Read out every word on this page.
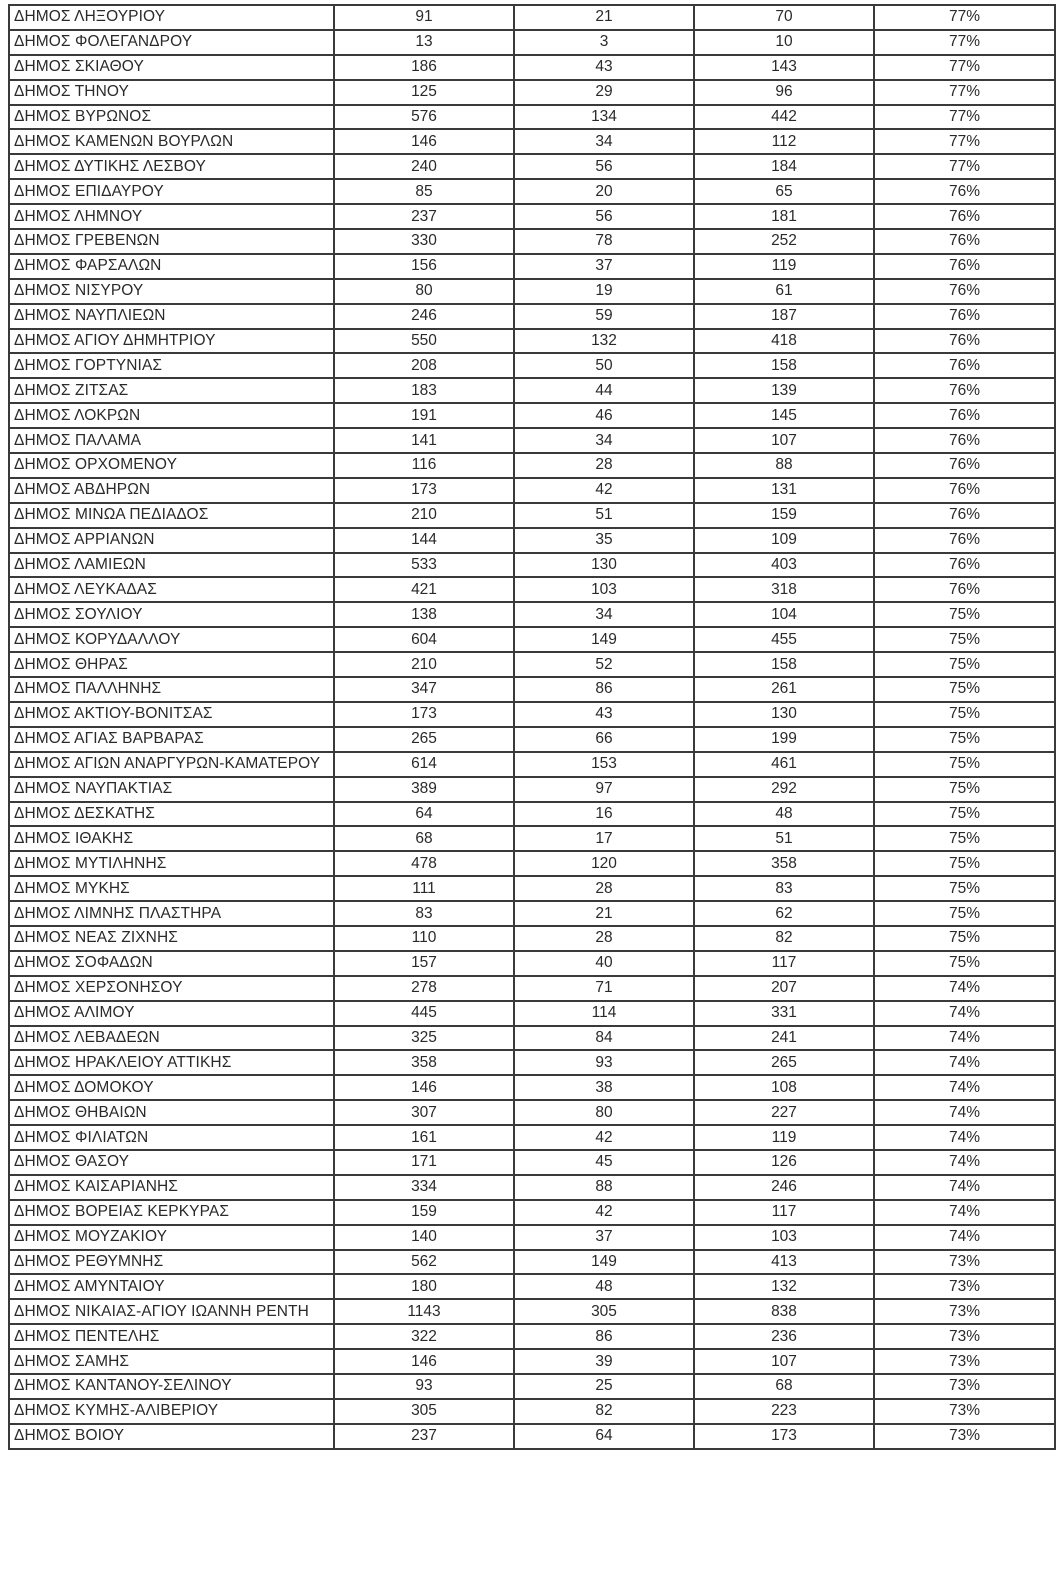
ΔΗΜΟΣ ΛΗΞΟΥΡΙΟΥ	91	21	70	77%
ΔΗΜΟΣ ΦΟΛΕΓΑΝΔΡΟΥ	13	3	10	77%
ΔΗΜΟΣ ΣΚΙΑΘΟΥ	186	43	143	77%
ΔΗΜΟΣ ΤΗΝΟΥ	125	29	96	77%
ΔΗΜΟΣ ΒΥΡΩΝΟΣ	576	134	442	77%
ΔΗΜΟΣ ΚΑΜΕΝΩΝ ΒΟΥΡΛΩΝ	146	34	112	77%
ΔΗΜΟΣ ΔΥΤΙΚΗΣ ΛΕΣΒΟΥ	240	56	184	77%
ΔΗΜΟΣ ΕΠΙΔΑΥΡΟΥ	85	20	65	76%
ΔΗΜΟΣ ΛΗΜΝΟΥ	237	56	181	76%
ΔΗΜΟΣ ΓΡΕΒΕΝΩΝ	330	78	252	76%
ΔΗΜΟΣ ΦΑΡΣΑΛΩΝ	156	37	119	76%
ΔΗΜΟΣ ΝΙΣΥΡΟΥ	80	19	61	76%
ΔΗΜΟΣ ΝΑΥΠΛΙΕΩΝ	246	59	187	76%
ΔΗΜΟΣ ΑΓΙΟΥ ΔΗΜΗΤΡΙΟΥ	550	132	418	76%
ΔΗΜΟΣ ΓΟΡΤΥΝΙΑΣ	208	50	158	76%
ΔΗΜΟΣ ΖΙΤΣΑΣ	183	44	139	76%
ΔΗΜΟΣ ΛΟΚΡΩΝ	191	46	145	76%
ΔΗΜΟΣ ΠΑΛΑΜΑ	141	34	107	76%
ΔΗΜΟΣ ΟΡΧΟΜΕΝΟΥ	116	28	88	76%
ΔΗΜΟΣ ΑΒΔΗΡΩΝ	173	42	131	76%
ΔΗΜΟΣ ΜΙΝΩΑ ΠΕΔΙΑΔΟΣ	210	51	159	76%
ΔΗΜΟΣ ΑΡΡΙΑΝΩΝ	144	35	109	76%
ΔΗΜΟΣ ΛΑΜΙΕΩΝ	533	130	403	76%
ΔΗΜΟΣ ΛΕΥΚΑΔΑΣ	421	103	318	76%
ΔΗΜΟΣ ΣΟΥΛΙΟΥ	138	34	104	75%
ΔΗΜΟΣ ΚΟΡΥΔΑΛΛΟΥ	604	149	455	75%
ΔΗΜΟΣ ΘΗΡΑΣ	210	52	158	75%
ΔΗΜΟΣ ΠΑΛΛΗΝΗΣ	347	86	261	75%
ΔΗΜΟΣ ΑΚΤΙΟΥ-ΒΟΝΙΤΣΑΣ	173	43	130	75%
ΔΗΜΟΣ ΑΓΙΑΣ ΒΑΡΒΑΡΑΣ	265	66	199	75%
ΔΗΜΟΣ ΑΓΙΩΝ ΑΝΑΡΓΥΡΩΝ-ΚΑΜΑΤΕΡΟΥ	614	153	461	75%
ΔΗΜΟΣ ΝΑΥΠΑΚΤΙΑΣ	389	97	292	75%
ΔΗΜΟΣ ΔΕΣΚΑΤΗΣ	64	16	48	75%
ΔΗΜΟΣ ΙΘΑΚΗΣ	68	17	51	75%
ΔΗΜΟΣ ΜΥΤΙΛΗΝΗΣ	478	120	358	75%
ΔΗΜΟΣ ΜΥΚΗΣ	111	28	83	75%
ΔΗΜΟΣ ΛΙΜΝΗΣ ΠΛΑΣΤΗΡΑ	83	21	62	75%
ΔΗΜΟΣ ΝΕΑΣ ΖΙΧΝΗΣ	110	28	82	75%
ΔΗΜΟΣ ΣΟΦΑΔΩΝ	157	40	117	75%
ΔΗΜΟΣ ΧΕΡΣΟΝΗΣΟΥ	278	71	207	74%
ΔΗΜΟΣ ΑΛΙΜΟΥ	445	114	331	74%
ΔΗΜΟΣ ΛΕΒΑΔΕΩΝ	325	84	241	74%
ΔΗΜΟΣ ΗΡΑΚΛΕΙΟΥ ΑΤΤΙΚΗΣ	358	93	265	74%
ΔΗΜΟΣ ΔΟΜΟΚΟΥ	146	38	108	74%
ΔΗΜΟΣ ΘΗΒΑΙΩΝ	307	80	227	74%
ΔΗΜΟΣ ΦΙΛΙΑΤΩΝ	161	42	119	74%
ΔΗΜΟΣ ΘΑΣΟΥ	171	45	126	74%
ΔΗΜΟΣ ΚΑΙΣΑΡΙΑΝΗΣ	334	88	246	74%
ΔΗΜΟΣ ΒΟΡΕΙΑΣ ΚΕΡΚΥΡΑΣ	159	42	117	74%
ΔΗΜΟΣ ΜΟΥΖΑΚΙΟΥ	140	37	103	74%
ΔΗΜΟΣ ΡΕΘΥΜΝΗΣ	562	149	413	73%
ΔΗΜΟΣ ΑΜΥΝΤΑΙΟΥ	180	48	132	73%
ΔΗΜΟΣ ΝΙΚΑΙΑΣ-ΑΓΙΟΥ ΙΩΑΝΝΗ ΡΕΝΤΗ	1143	305	838	73%
ΔΗΜΟΣ ΠΕΝΤΕΛΗΣ	322	86	236	73%
ΔΗΜΟΣ ΣΑΜΗΣ	146	39	107	73%
ΔΗΜΟΣ ΚΑΝΤΑΝΟΥ-ΣΕΛΙΝΟΥ	93	25	68	73%
ΔΗΜΟΣ ΚΥΜΗΣ-ΑΛΙΒΕΡΙΟΥ	305	82	223	73%
ΔΗΜΟΣ ΒΟΙΟΥ	237	64	173	73%
